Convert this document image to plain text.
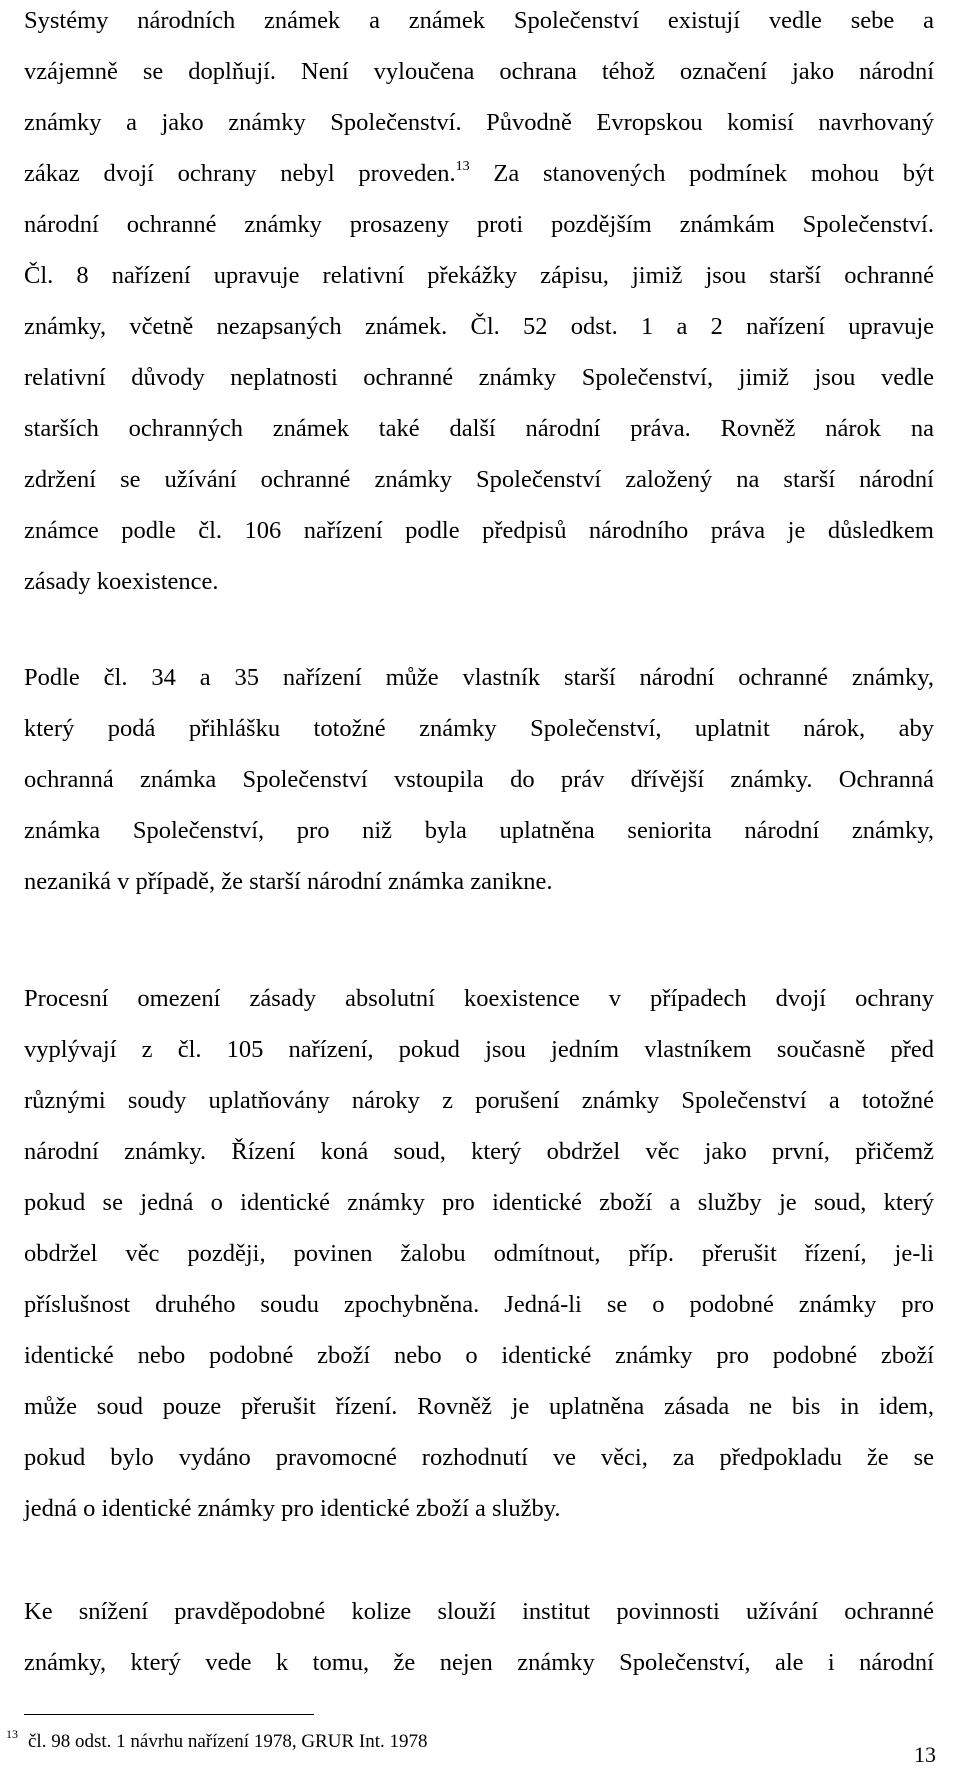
Systémy národních známek a známek Společenství existují vedle sebe a
vzájemně se doplňují. Není vyloučena ochrana téhož označení jako národní
známky a jako známky Společenství. Původně Evropskou komisí navrhovaný
zákaz dvojí ochrany nebyl proveden.$^{13}$ Za stanovených podmínek mohou být
národní ochranné známky prosazeny proti pozdějším známkám Společenství.
Čl. 8 nařízení upravuje relativní překážky zápisu, jimiž jsou starší ochranné
známky, včetně nezapsaných známek. Čl. 52 odst. 1 a 2 nařízení upravuje
relativní důvody neplatnosti ochranné známky Společenství, jimiž jsou vedle
starších ochranných známek také další národní práva. Rovněž nárok na
zdržení se užívání ochranné známky Společenství založený na starší národní
známce podle čl. 106 nařízení podle předpisů národního práva je důsledkem
zásady koexistence.
Podle čl. 34 a 35 nařízení může vlastník starší národní ochranné známky,
který podá přihlášku totožné známky Společenství, uplatnit nárok, aby
ochranná známka Společenství vstoupila do práv dřívější známky. Ochranná
známka Společenství, pro niž byla uplatněna seniorita národní známky,
nezaniká v případě, že starší národní známka zanikne.
Procesní omezení zásady absolutní koexistence v případech dvojí ochrany
vyplývají z čl. 105 nařízení, pokud jsou jedním vlastníkem současně před
různými soudy uplatňovány nároky z porušení známky Společenství a totožné
národní známky. Řízení koná soud, který obdržel věc jako první, přičemž
pokud se jedná o identické známky pro identické zboží a služby je soud, který
obdržel věc později, povinen žalobu odmítnout, příp. přerušit řízení, je-li
příslušnost druhého soudu zpochybněna. Jedná-li se o podobné známky pro
identické nebo podobné zboží nebo o identické známky pro podobné zboží
může soud pouze přerušit řízení. Rovněž je uplatněna zásada ne bis in idem,
pokud bylo vydáno pravomocné rozhodnutí ve věci, za předpokladu že se
jedná o identické známky pro identické zboží a služby.
Ke snížení pravděpodobné kolize slouží institut povinnosti užívání ochranné
známky, který vede k tomu, že nejen známky Společenství, ale i národní
$^{13}$ čl. 98 odst. 1 návrhu nařízení 1978, GRUR Int. 1978
13
